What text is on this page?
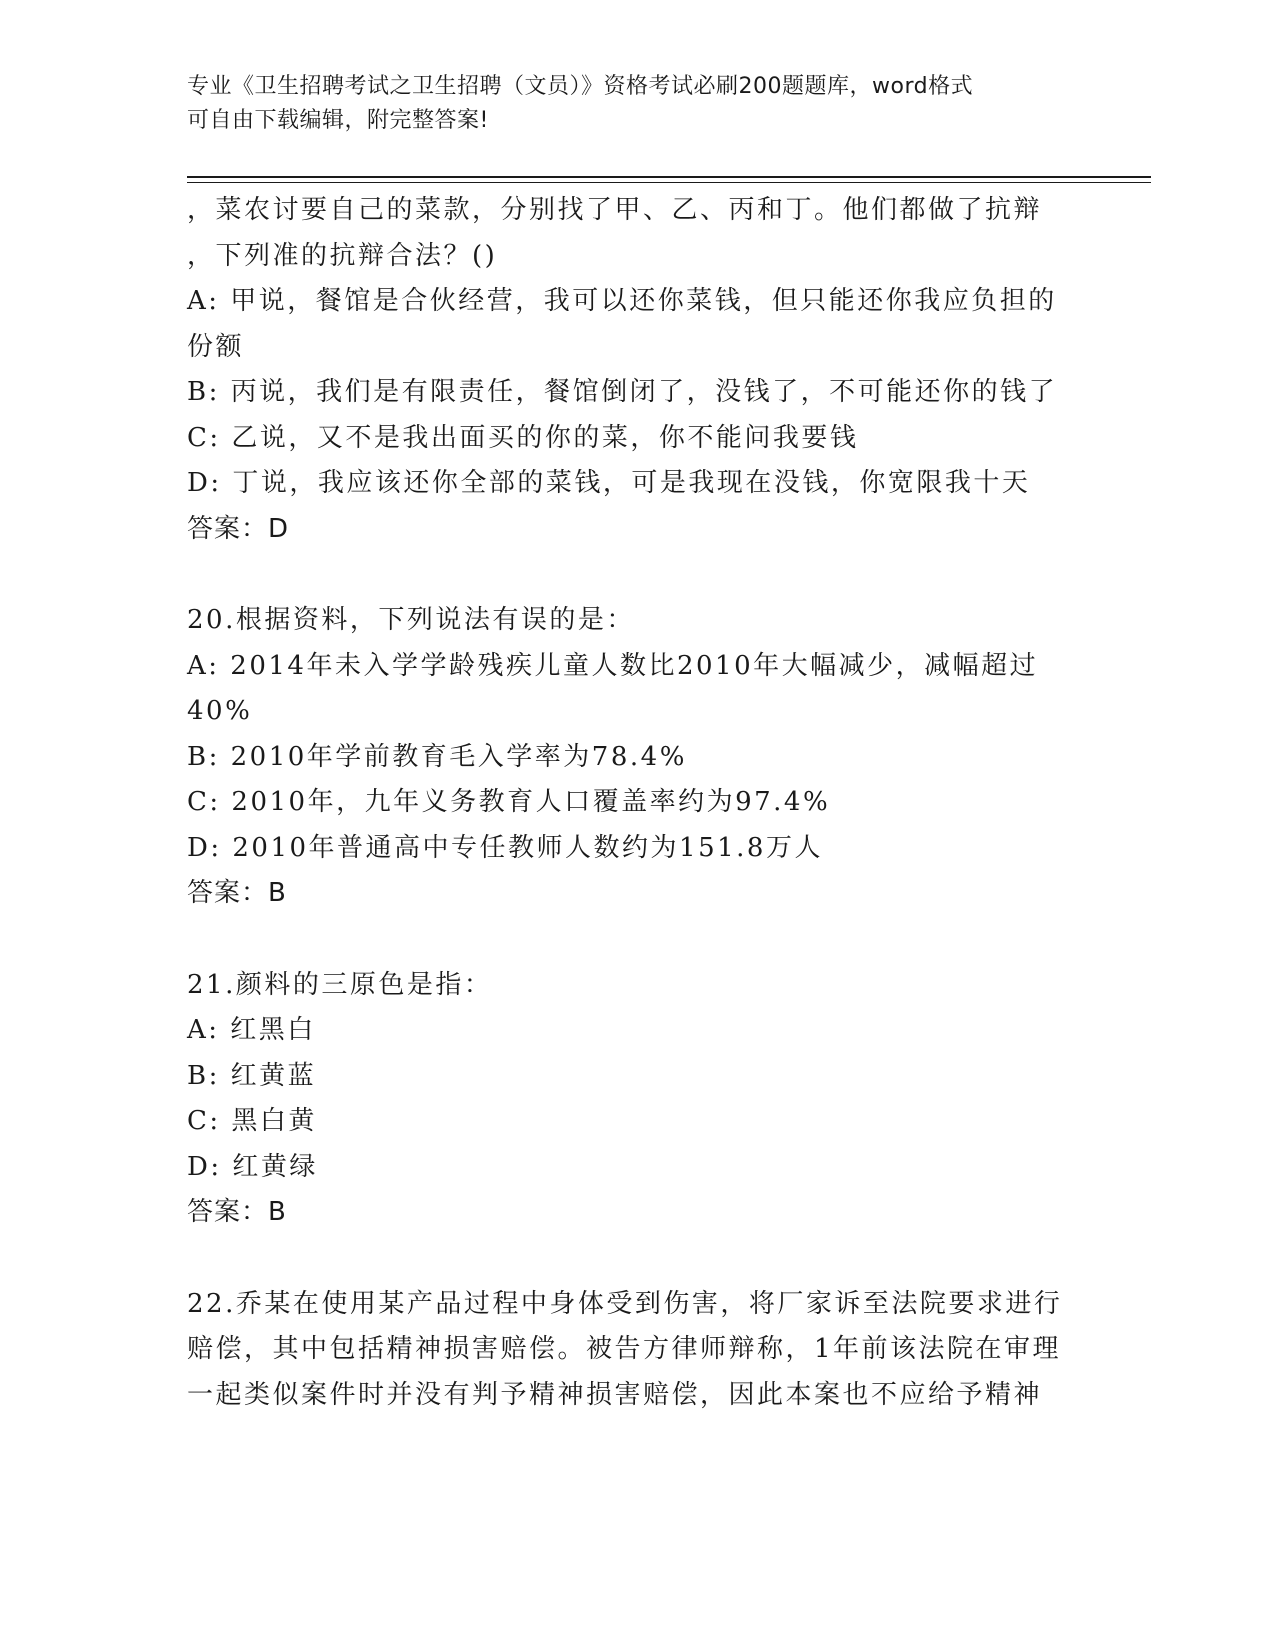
专业《卫生招聘考试之卫生招聘（文员）》资格考试必刷200题题库，word格式
可自由下载编辑，附完整答案!
，菜农讨要自己的菜款，分别找了甲、乙、丙和丁。他们都做了抗辩
，下列准的抗辩合法？()
A: 甲说，餐馆是合伙经营，我可以还你菜钱，但只能还你我应负担的
份额
B: 丙说，我们是有限责任，餐馆倒闭了，没钱了，不可能还你的钱了
C: 乙说，又不是我出面买的你的菜，你不能问我要钱
D: 丁说，我应该还你全部的菜钱，可是我现在没钱，你宽限我十天
答案：D
20.根据资料，下列说法有误的是：
A: 2014年未入学学龄残疾儿童人数比2010年大幅减少，减幅超过
40%
B: 2010年学前教育毛入学率为78.4%
C: 2010年，九年义务教育人口覆盖率约为97.4%
D: 2010年普通高中专任教师人数约为151.8万人
答案：B
21.颜料的三原色是指：
A: 红黑白
B: 红黄蓝
C: 黑白黄
D: 红黄绿
答案：B
22.乔某在使用某产品过程中身体受到伤害，将厂家诉至法院要求进行
赔偿，其中包括精神损害赔偿。被告方律师辩称，1年前该法院在审理
一起类似案件时并没有判予精神损害赔偿，因此本案也不应给予精神
